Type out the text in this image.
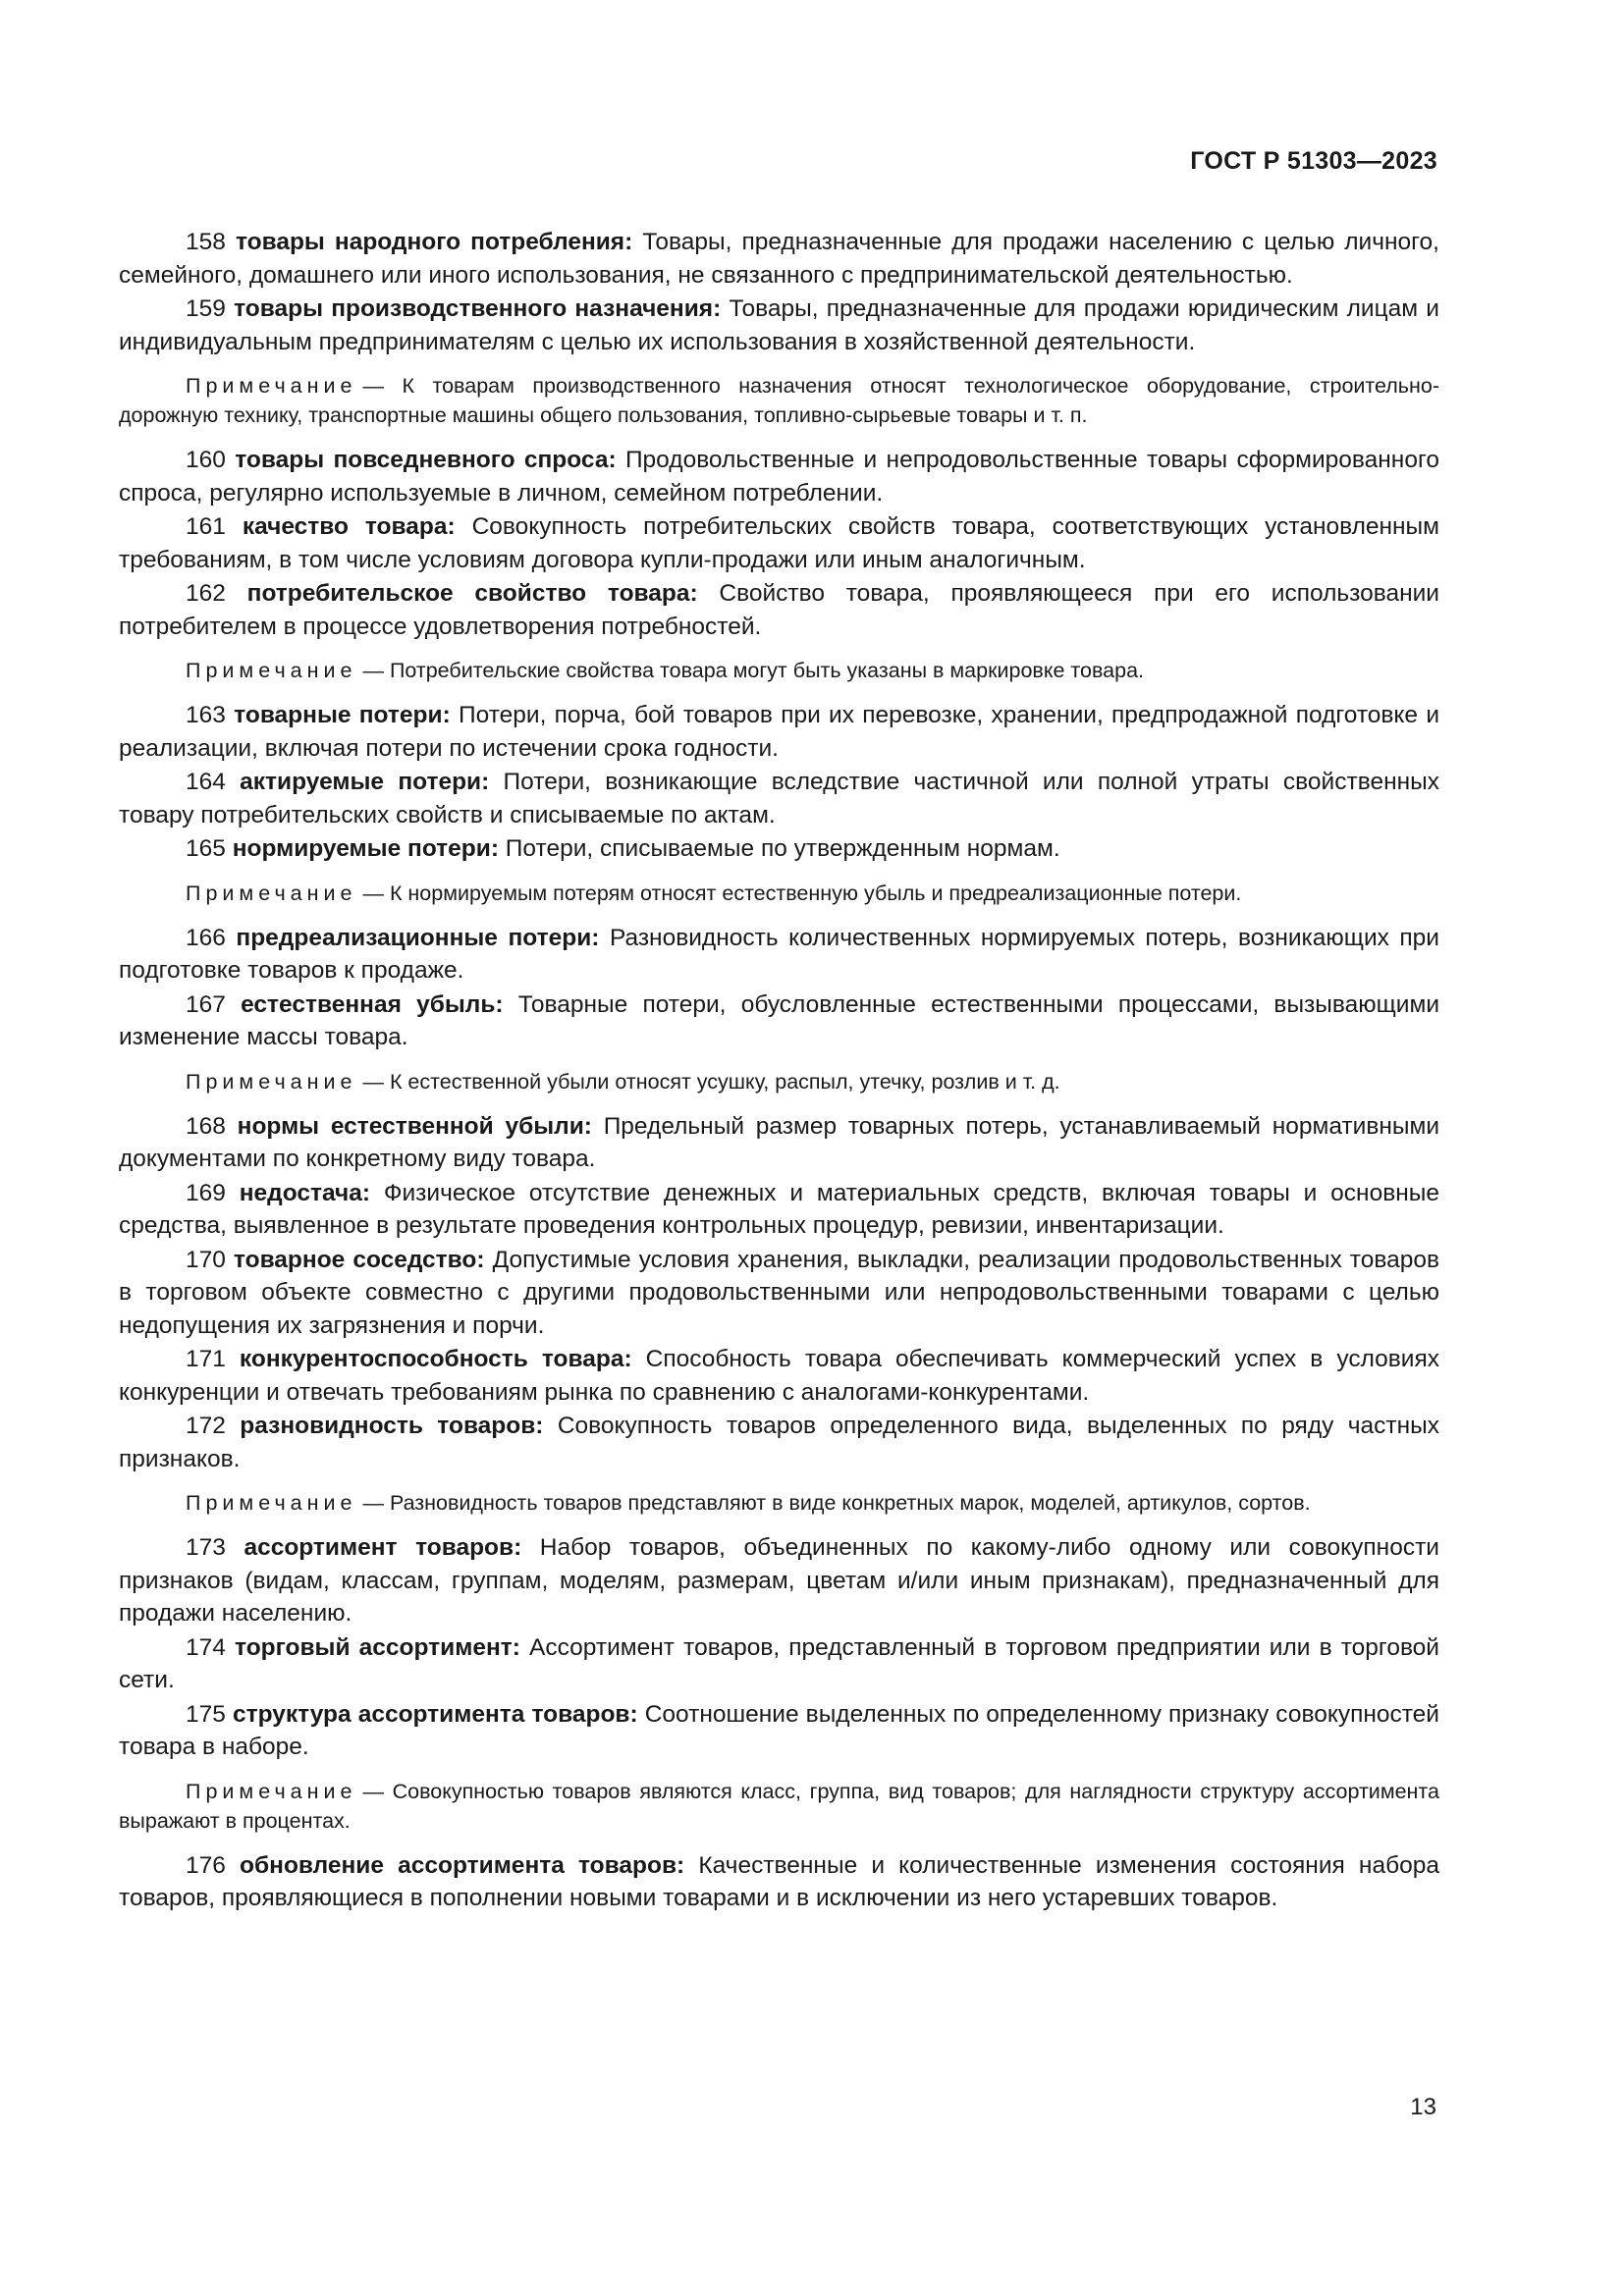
ГОСТ Р 51303—2023

158 товары народного потребления: Товары, предназначенные для продажи населению с целью личного, семейного, домашнего или иного использования, не связанного с предпринимательской деятельностью.

159 товары производственного назначения: Товары, предназначенные для продажи юридическим лицам и индивидуальным предпринимателям с целью их использования в хозяйственной деятельности.

Примечание — К товарам производственного назначения относят технологическое оборудование, строительно-дорожную технику, транспортные машины общего пользования, топливно-сырьевые товары и т. п.

160 товары повседневного спроса: Продовольственные и непродовольственные товары сформированного спроса, регулярно используемые в личном, семейном потреблении.

161 качество товара: Совокупность потребительских свойств товара, соответствующих установленным требованиям, в том числе условиям договора купли-продажи или иным аналогичным.

162 потребительское свойство товара: Свойство товара, проявляющееся при его использовании потребителем в процессе удовлетворения потребностей.

Примечание — Потребительские свойства товара могут быть указаны в маркировке товара.

163 товарные потери: Потери, порча, бой товаров при их перевозке, хранении, предпродажной подготовке и реализации, включая потери по истечении срока годности.

164 актируемые потери: Потери, возникающие вследствие частичной или полной утраты свойственных товару потребительских свойств и списываемые по актам.

165 нормируемые потери: Потери, списываемые по утвержденным нормам.

Примечание — К нормируемым потерям относят естественную убыль и предреализационные потери.

166 предреализационные потери: Разновидность количественных нормируемых потерь, возникающих при подготовке товаров к продаже.

167 естественная убыль: Товарные потери, обусловленные естественными процессами, вызывающими изменение массы товара.

Примечание — К естественной убыли относят усушку, распыл, утечку, розлив и т. д.

168 нормы естественной убыли: Предельный размер товарных потерь, устанавливаемый нормативными документами по конкретному виду товара.

169 недостача: Физическое отсутствие денежных и материальных средств, включая товары и основные средства, выявленное в результате проведения контрольных процедур, ревизии, инвентаризации.

170 товарное соседство: Допустимые условия хранения, выкладки, реализации продовольственных товаров в торговом объекте совместно с другими продовольственными или непродовольственными товарами с целью недопущения их загрязнения и порчи.

171 конкурентоспособность товара: Способность товара обеспечивать коммерческий успех в условиях конкуренции и отвечать требованиям рынка по сравнению с аналогами-конкурентами.

172 разновидность товаров: Совокупность товаров определенного вида, выделенных по ряду частных признаков.

Примечание — Разновидность товаров представляют в виде конкретных марок, моделей, артикулов, сортов.

173 ассортимент товаров: Набор товаров, объединенных по какому-либо одному или совокупности признаков (видам, классам, группам, моделям, размерам, цветам и/или иным признакам), предназначенный для продажи населению.

174 торговый ассортимент: Ассортимент товаров, представленный в торговом предприятии или в торговой сети.

175 структура ассортимента товаров: Соотношение выделенных по определенному признаку совокупностей товара в наборе.

Примечание — Совокупностью товаров являются класс, группа, вид товаров; для наглядности структуру ассортимента выражают в процентах.

176 обновление ассортимента товаров: Качественные и количественные изменения состояния набора товаров, проявляющиеся в пополнении новыми товарами и в исключении из него устаревших товаров.

13
